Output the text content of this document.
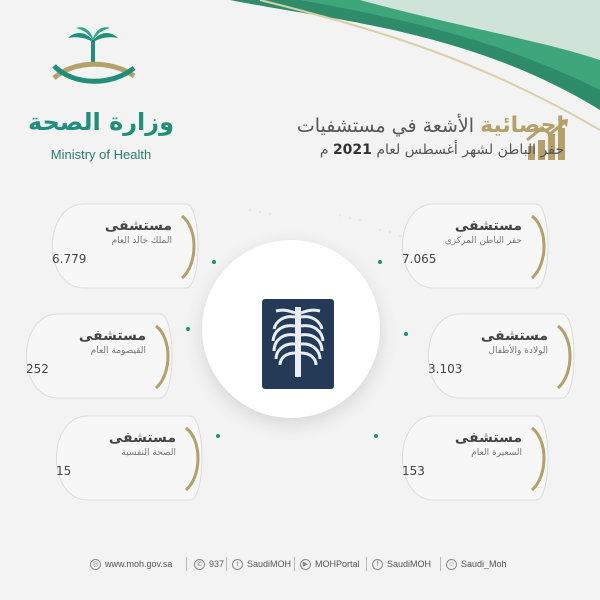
وزارة الصحة
Ministry of Health
احصائية الأشعة في مستشفيات
حفر الباطن لشهر أغسطس لعام 2021 م
مستشفى
الملك خالد العام
6.779
مستشفى
القيصومة العام
252
مستشفى
الصحة النفسية
15
مستشفى
حفر الباطن المركزي
7.065
مستشفى
الولادة والأطفال
3.103
مستشفى
السعيرة العام
153
◎ www.moh.gov.sa	✆ 937	t SaudiMOH	▶ MOHPortal	f SaudiMOH ☺ Saudi_Moh
